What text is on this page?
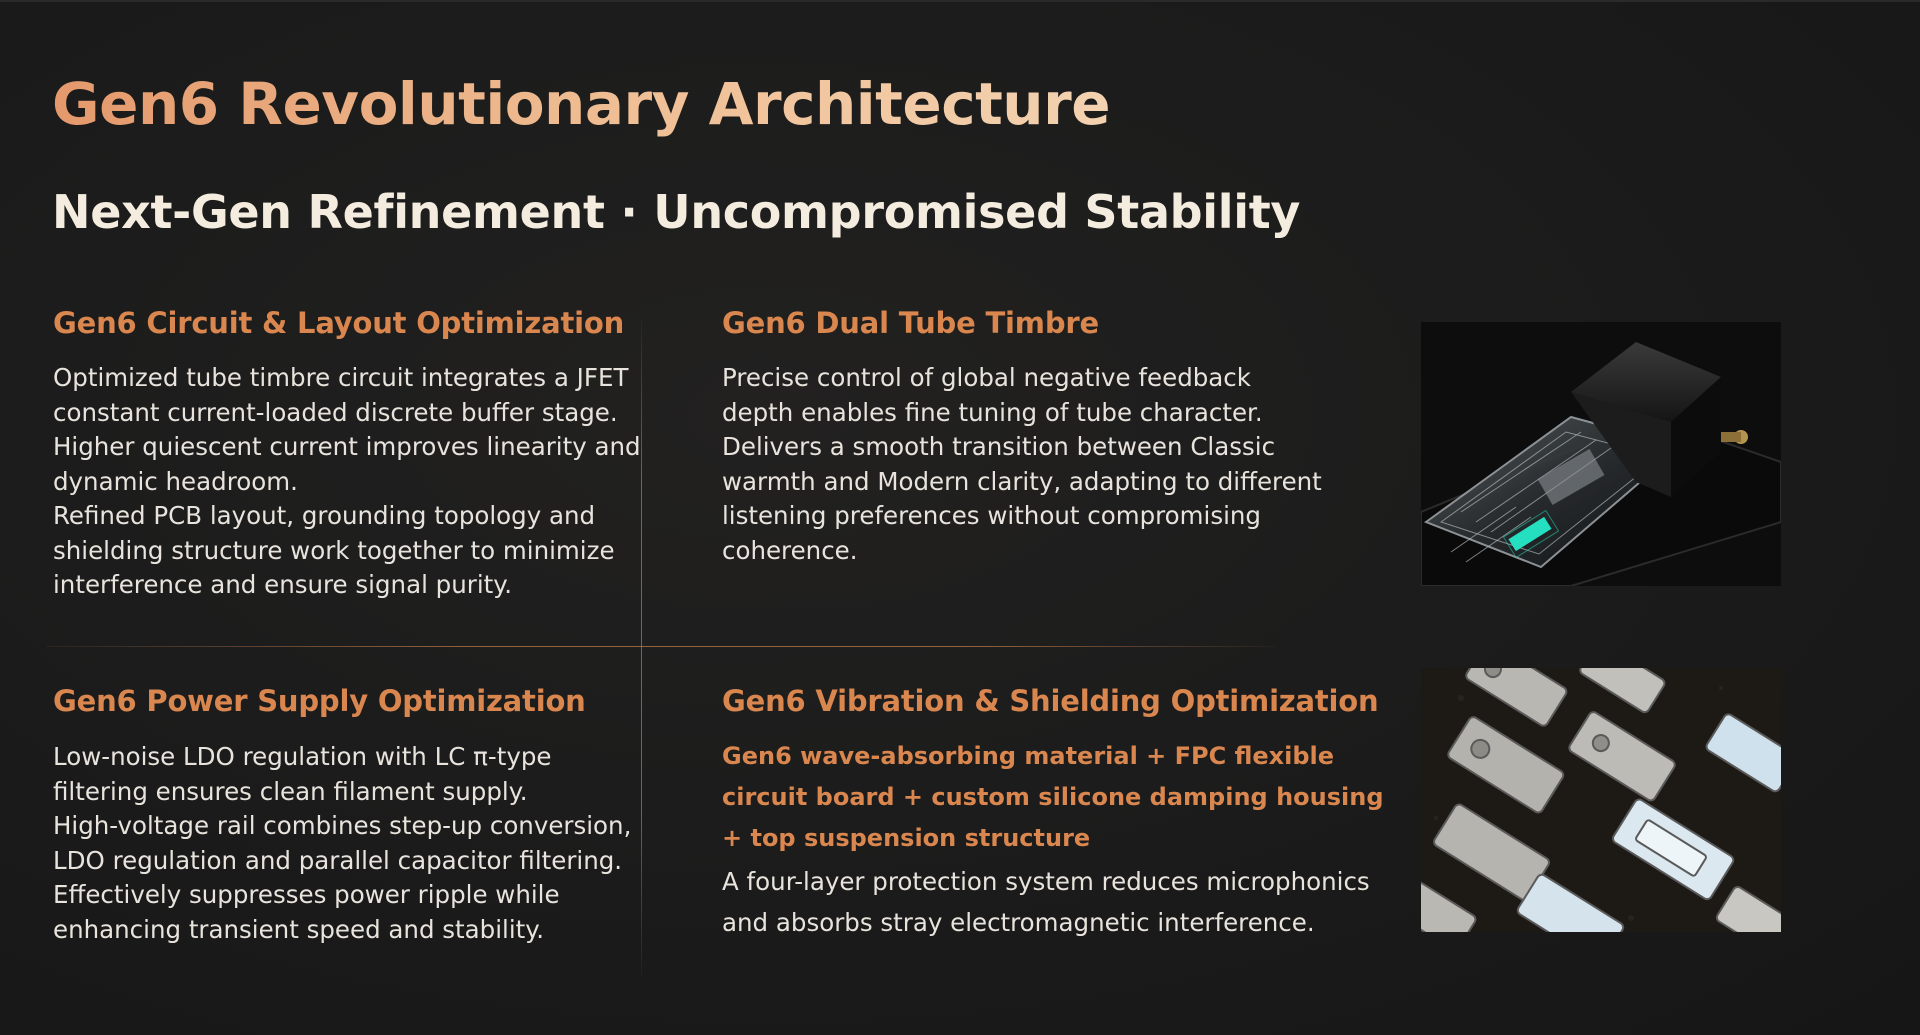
Gen6 Revolutionary Architecture
Next-Gen Refinement · Uncompromised Stability
Gen6 Circuit & Layout Optimization
Optimized tube timbre circuit integrates a JFET
constant current-loaded discrete buffer stage.
Higher quiescent current improves linearity and
dynamic headroom.
Refined PCB layout, grounding topology and
shielding structure work together to minimize
interference and ensure signal purity.
Gen6 Dual Tube Timbre
Precise control of global negative feedback
depth enables fine tuning of tube character.
Delivers a smooth transition between Classic
warmth and Modern clarity, adapting to different
listening preferences without compromising
coherence.
Gen6 Power Supply Optimization
Low-noise LDO regulation with LC π-type
filtering ensures clean filament supply.
High-voltage rail combines step-up conversion,
LDO regulation and parallel capacitor filtering.
Effectively suppresses power ripple while
enhancing transient speed and stability.
Gen6 Vibration & Shielding Optimization
Gen6 wave-absorbing material + FPC flexible
circuit board + custom silicone damping housing
+ top suspension structure
A four-layer protection system reduces microphonics
and absorbs stray electromagnetic interference.
